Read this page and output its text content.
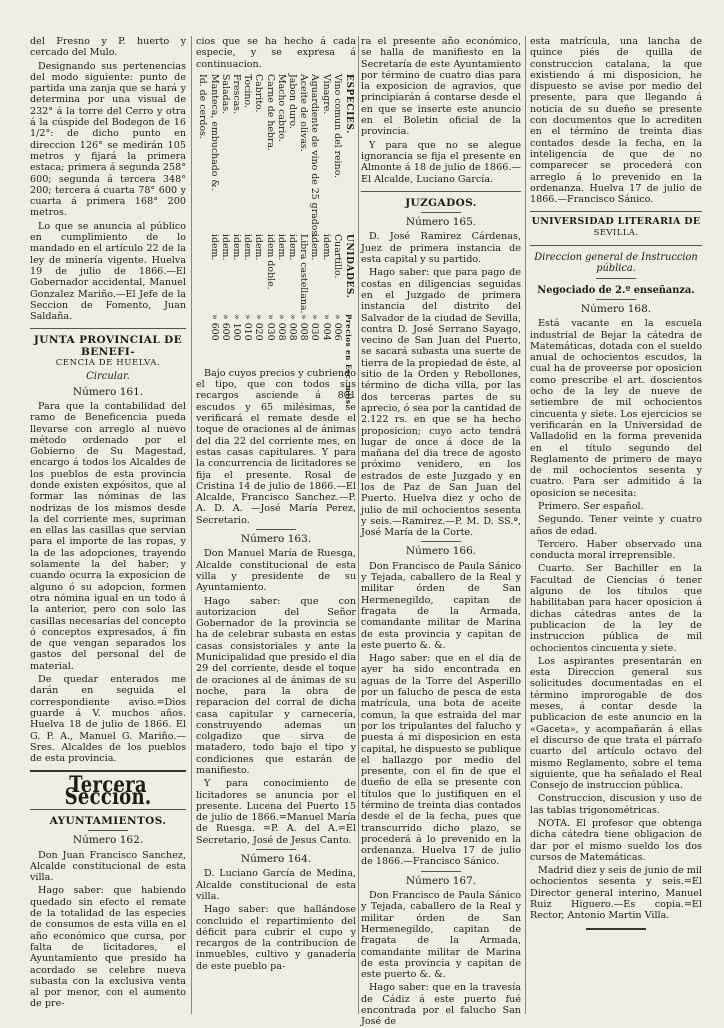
del Fresno y P. huerto y cercado del Mulo.

Designando sus pertenencias del modo siguiente: punto de partida una zanja que se hará y determina por una visual de 232° á la torre del Cerro y otra á la cúspide del Bodegon de 16 1/2°: de dicho punto en direccion 126° se medirán 105 metros y fijará la primera estaca; primera á segunda 258° 600; segunda á tercera 348° 200; tercera á cuarta 78° 600 y cuarta á primera 168° 200 metros.

Lo que se anuncia al público en cumplimiento de lo mandado en el artículo 22 de la ley de minería vigente. Huelva 19 de julio de 1866.—El Gobernador accidental, Manuel Gonzalez Mariño.—El Jefe de la Seccion de Fomento, Juan Saldaña.

JUNTA PROVINCIAL DE BENEFI-

CENCIA DE HUELVA.

Circular.

Número 161.

Para que la contabilidad del ramo de Beneficencia pueda llevarse con arreglo al nuevo método ordenado por el Gobierno de Su Magestad, encargo á todos los Alcaldes de los pueblos de esta provincia donde existen expósitos, que al formar las nóminas de las nodrizas de los mismos desde la del corriente mes, supriman en ellas las casillas que servian para el importe de las ropas, y la de las adopciones, trayendo solamente la del haber; y cuando ocurra la exposicion de alguno ó su adopcion, formen otra nómina igual en un todo á la anterior, pero con solo las casillas necesarias del concepto ó conceptos expresados, á fin de que vengan separados los gastos del personal del de material.

De quedar enterados me darán en seguida el correspondiente aviso.=Dios guarde á V. muchos años. Huelva 18 de julio de 1866. El G. P. A., Manuel G. Mariño.—Sres. Alcaldes de los pueblos de esta provincia.

Tercera Seccion.

AYUNTAMIENTOS.

Número 162.

Don Juan Francisco Sanchez, Alcalde constitucional de esta villa.

Hago saber: que habiendo quedado sin efecto el remate de la totalidad de las especies de consumos de esta villa en el año económico que cursa, por falta de licitadores, el Ayuntamiento que presido ha acordado se celebre nueva subasta con la exclusiva venta al por menor, con el aumento de pre-

cios que se ha hecho á cada especie, y se expresa á continuacion.

ESPECIES.
Vino comun del reino.
Vinagre.
Aguardiente de vino de 25 grados.
Aceite de olivas.
Jabon duro.
Macho cabrio.
Carne de hebra.
Cabrito.
Tocino.
Frescas.
Saladas.
Manteca, embuchado &.
Id. de cerdos.
UNIDADES.
Cuartillo.
idem.
idem.
Libra castellana.
idem.
idem.
idem doble.
idem.
idem.
idem.
idem.
idem.
Precios en Esc. mils.
» 006
» 004
» 030
» 008
» 008
» 008
» 030
» 020
» 010
» 100
» 600
» 600

Bajo cuyos precios y cubriendo el tipo, que con todos sus recargos asciende á 801 escudos y 65 milésimas, se verificará el remate desde el toque de oraciones al de ánimas del dia 22 del corriente mes, en estas casas capitulares. Y para la concurrencia de licitadores se fija el presente. Rosal de Cristina 14 de julio de 1866.—El Alcalde, Francisco Sanchez.—P. A. D. A. —José María Perez, Secretario.

Número 163.

Don Manuel María de Ruesga, Alcalde constitucional de esta villa y presidente de su Ayuntamiento.

Hago saber: que con autorizacion del Señor Gobernador de la provincia se ha de celebrar subasta en estas casas consistoriales y ante la Municipalidad que presido el dia 29 del corriente, desde el toque de oraciones al de ánimas de su noche, para la obra de reparacion del corral de dicha casa capitular y carnecería, construyendo ademas un colgadizo que sirva de matadero, todo bajo el tipo y condiciones que estarán de manifiesto.

Y para conocimiento de licitadores se anuncia por el presente. Lucena del Puerto 15 de julio de 1866.=Manuel María de Ruesga. =P. A. del A.=El Secretario, José de Jesus Canto.

Número 164.

D. Luciano García de Medina, Alcalde constitucional de esta villa.

Hago saber: que hallándose concluido el repartimiento del déficit para cubrir el cupo y recargos de la contribucion de inmuebles, cultivo y ganadería de este pueblo pa-

ra el presente año económico, se halla de manifiesto en la Secretaría de este Ayuntamiento por término de cuatro dias para la exposicion de agravios, que principiarán á contarse desde el en que se inserte este anuncio en el Boletin oficial de la provincia.

Y para que no se alegue ignorancia se fija el presente en Almonte á 18 de julio de 1866.—El Alcalde, Luciano García.

JUZGADOS.

Número 165.

D. José Ramirez Cárdenas, Juez de primera instancia de esta capital y su partido.

Hago saber: que para pago de costas en diligencias seguidas en el Juzgado de primera instancia del distrito del Salvador de la ciudad de Sevilla, contra D. José Serrano Sayago, vecino de San Juan del Puerto, se sacará subasta una suerte de tierra de la propiedad de éste, al sitio de la Orden y Rebollones, término de dicha villa, por las dos terceras partes de su aprecio, ó sea por la cantidad de 2.122 rs. en que se ha hecho proposicion; cuyo acto tendrá lugar de once á doce de la mañana del dia trece de agosto próximo venidero, en los estrados de este Juzgado y en los de Paz de San Juan del Puerto. Huelva diez y ocho de julio de mil ochocientos sesenta y seis.—Ramirez.—P. M. D. SS.ª, José María de la Corte.

Número 166.

Don Francisco de Paula Sánico y Tejada, caballero de la Real y militar órden de San Hermenegildo, capitan de fragata de la Armada, comandante militar de Marina de esta provincia y capitan de este puerto &. &.

Hago saber: que en el dia de ayer ha sido encontrada en aguas de la Torre del Asperillo por un falucho de pesca de esta matrícula, una bota de aceite comun, la que estraida del mar por los tripulantes del falucho y puesta á mi disposicion en esta capital, he dispuesto se publique el hallazgo por medio del presente, con el fin de que el dueño de ella se presente con títulos que lo justifiquen en el término de treinta dias contados desde el de la fecha, pues que transcurrido dicho plazo, se procederá á lo prevenido en la ordenanza. Huelva 17 de julio de 1866.—Francisco Sánico.

Número 167.

Don Francisco de Paula Sánico y Tejada, caballero de la Real y militar órden de San Hermenegildo, capitan de fragata de la Armada, comandante militar de Marina de esta provincia y capitan de este puerto &. &.

Hago saber: que en la travesía de Cádiz á este puerto fué encontrada por el falucho San José de

esta matrícula, una lancha de quince piés de quilla de construccion catalana, la que existiendo á mi disposicion, he dispuesto se avise por medio del presente, para que llegando á noticia de su dueño se presente con documentos que lo acrediten en el término de treinta dias contados desde la fecha, en la inteligencia de que de no comparecer se procederá con arreglo á lo prevenido en la ordenanza. Huelva 17 de julio de 1866.—Francisco Sánico.

UNIVERSIDAD LITERARIA DE

SEVILLA.

Direccion general de Instruccion pública.

Negociado de 2.º enseñanza.

Número 168.

Está vacante en la escuela industrial de Bejar la cátedra de Matemáticas, dotada con el sueldo anual de ochocientos escudos, la cual ha de proveerse por oposicion como prescribe el art. doscientos ocho de la ley de nueve de setiembre de mil ochocientos cincuenta y siete. Los ejercicios se verificarán en la Universidad de Valladolid en la forma prevenida en el título segundo del Reglamento de primero de mayo de mil ochocientos sesenta y cuatro. Para ser admitido á la oposicion se necesita:

Primero. Ser español.

Segundo. Tener veinte y cuatro años de edad.

Tercero. Haber observado una conducta moral irreprensible.

Cuarto. Ser Bachiller en la Facultad de Ciencias ó tener alguno de los títulos que habilitaban para hacer oposicion á dichas cátedras antes de la publicacion de la ley de instruccion pública de mil ochocientos cincuenta y siete.

Los aspirantes presentarán en esta Direccion general sus solicitudes documentadas en el término improrogable de dos meses, á contar desde la publicacion de este anuncio en la «Gaceta», y acompañarán á ellas el discurso de que trata el párrafo cuarto del artículo octavo del mismo Reglamento, sobre el tema siguiente, que ha señalado el Real Consejo de instruccion pública.

Construccion, discusion y uso de las tablas trigonométricas.

NOTA. El profesor que obtenga dicha cátedra tiene obligacion de dar por el mismo sueldo los dos cursos de Matemáticas.

Madrid diez y seis de junio de mil ochocientos sesenta y seis.=El Director general interino, Manuel Ruiz Higuero.—Es copia.=El Rector, Antonio Martin Villa.
